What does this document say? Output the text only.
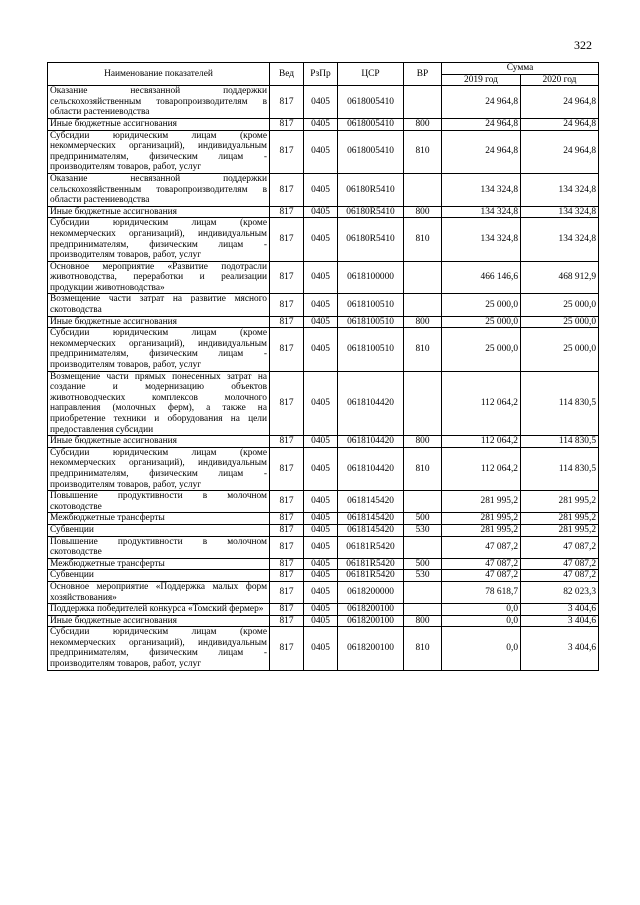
322
Наименование показателей	Вед	РзПр	ЦСР	ВР	Сумма	
					2019 год	2020 год
Оказание несвязанной поддержки сельскохозяйственным товаропроизводителям в области растениеводства	817	0405	0618005410		24 964,8	24 964,8
Иные бюджетные ассигнования	817	0405	0618005410	800	24 964,8	24 964,8
Субсидии юридическим лицам (кроме некоммерческих организаций), индивидуальным предпринимателям, физическим лицам - производителям товаров, работ, услуг	817	0405	0618005410	810	24 964,8	24 964,8
Оказание несвязанной поддержки сельскохозяйственным товаропроизводителям в области растениеводства	817	0405	06180R5410		134 324,8	134 324,8
Иные бюджетные ассигнования	817	0405	06180R5410	800	134 324,8	134 324,8
Субсидии юридическим лицам (кроме некоммерческих организаций), индивидуальным предпринимателям, физическим лицам - производителям товаров, работ, услуг	817	0405	06180R5410	810	134 324,8	134 324,8
Основное мероприятие «Развитие подотрасли животноводства, переработки и реализации продукции животноводства»	817	0405	0618100000		466 146,6	468 912,9
Возмещение части затрат на развитие мясного скотоводства	817	0405	0618100510		25 000,0	25 000,0
Иные бюджетные ассигнования	817	0405	0618100510	800	25 000,0	25 000,0
Субсидии юридическим лицам (кроме некоммерческих организаций), индивидуальным предпринимателям, физическим лицам - производителям товаров, работ, услуг	817	0405	0618100510	810	25 000,0	25 000,0
Возмещение части прямых понесенных затрат на создание и модернизацию объектов животноводческих комплексов молочного направления (молочных ферм), а также на приобретение техники и оборудования на цели предоставления субсидии	817	0405	0618104420		112 064,2	114 830,5
Иные бюджетные ассигнования	817	0405	0618104420	800	112 064,2	114 830,5
Субсидии юридическим лицам (кроме некоммерческих организаций), индивидуальным предпринимателям, физическим лицам - производителям товаров, работ, услуг	817	0405	0618104420	810	112 064,2	114 830,5
Повышение продуктивности в молочном скотоводстве	817	0405	0618145420		281 995,2	281 995,2
Межбюджетные трансферты	817	0405	0618145420	500	281 995,2	281 995,2
Субвенции	817	0405	0618145420	530	281 995,2	281 995,2
Повышение продуктивности в молочном скотоводстве	817	0405	06181R5420		47 087,2	47 087,2
Межбюджетные трансферты	817	0405	06181R5420	500	47 087,2	47 087,2
Субвенции	817	0405	06181R5420	530	47 087,2	47 087,2
Основное мероприятие «Поддержка малых форм хозяйствования»	817	0405	0618200000		78 618,7	82 023,3
Поддержка победителей конкурса «Томский фермер»	817	0405	0618200100		0,0	3 404,6
Иные бюджетные ассигнования	817	0405	0618200100	800	0,0	3 404,6
Субсидии юридическим лицам (кроме некоммерческих организаций), индивидуальным предпринимателям, физическим лицам - производителям товаров, работ, услуг	817	0405	0618200100	810	0,0	3 404,6
